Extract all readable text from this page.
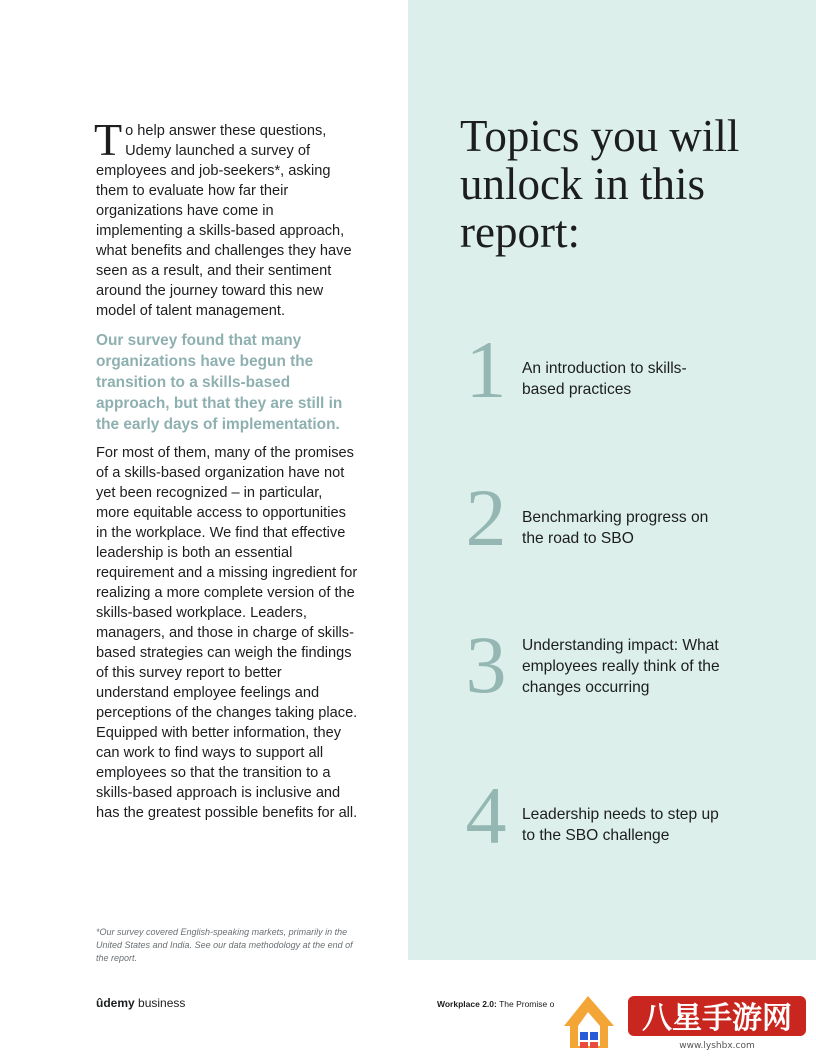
To help answer these questions, Udemy launched a survey of employees and job-seekers*, asking them to evaluate how far their organizations have come in implementing a skills-based approach, what benefits and challenges they have seen as a result, and their sentiment around the journey toward this new model of talent management.

Our survey found that many organizations have begun the transition to a skills-based approach, but that they are still in the early days of implementation.

For most of them, many of the promises of a skills-based organization have not yet been recognized – in particular, more equitable access to opportunities in the workplace. We find that effective leadership is both an essential requirement and a missing ingredient for realizing a more complete version of the skills-based workplace. Leaders, managers, and those in charge of skills-based strategies can weigh the findings of this survey report to better understand employee feelings and perceptions of the changes taking place. Equipped with better information, they can work to find ways to support all employees so that the transition to a skills-based approach is inclusive and has the greatest possible benefits for all.

*Our survey covered English-speaking markets, primarily in the United States and India. See our data methodology at the end of the report.

Topics you will unlock in this report:
1 An introduction to skills-based practices
2 Benchmarking progress on the road to SBO
3 Understanding impact: What employees really think of the changes occurring
4 Leadership needs to step up to the SBO challenge
ûdemy business	Workplace 2.0: The Promise o	八星手游网
www.lyshbx.com
